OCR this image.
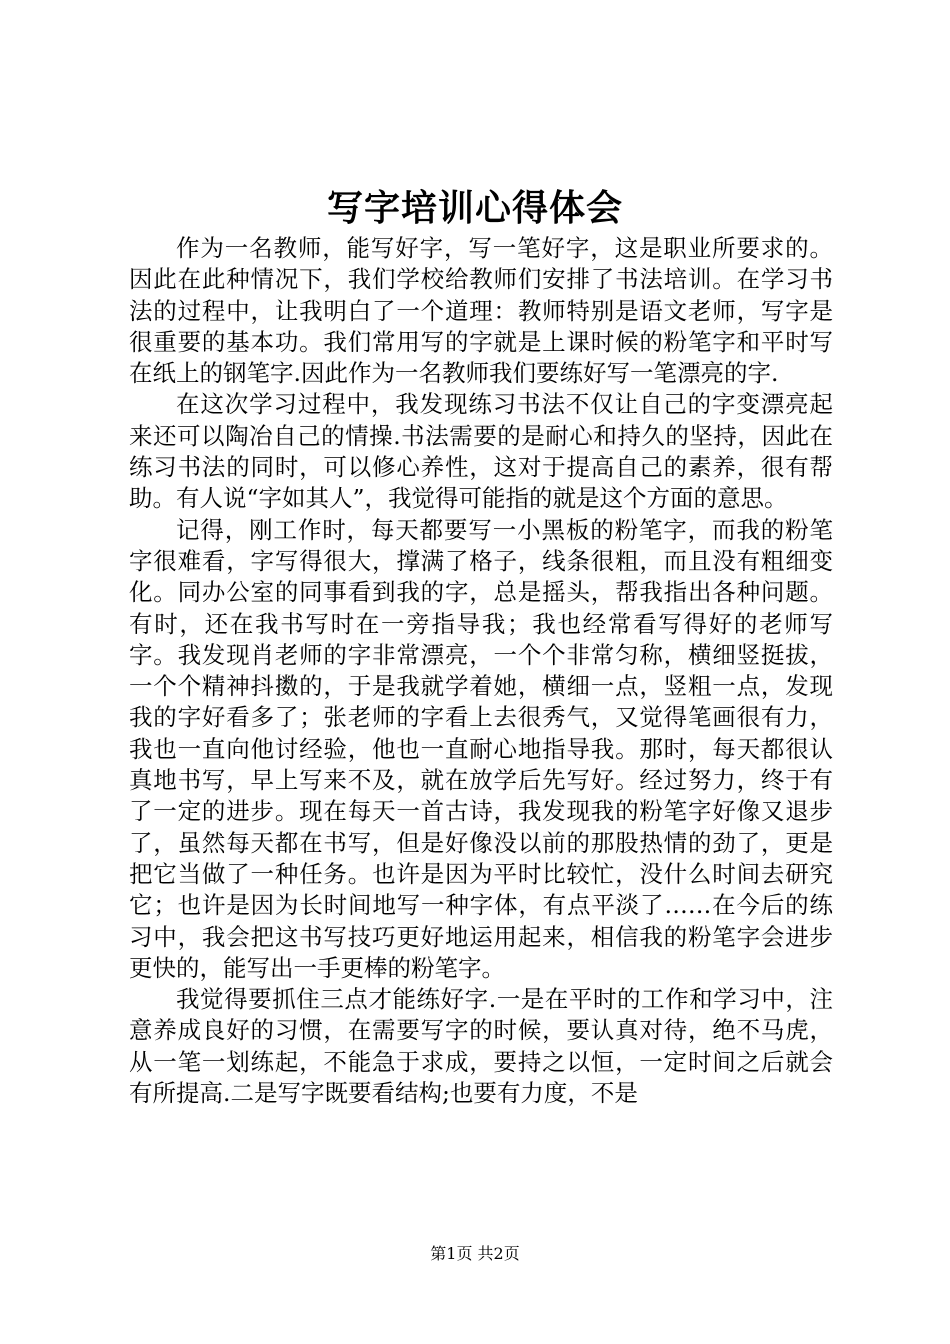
写字培训心得体会

作为一名教师，能写好字，写一笔好字，这是职业所要求的。因此在此种情况下，我们学校给教师们安排了书法培训。在学习书法的过程中，让我明白了一个道理：教师特别是语文老师，写字是很重要的基本功。我们常用写的字就是上课时候的粉笔字和平时写在纸上的钢笔字.因此作为一名教师我们要练好写一笔漂亮的字.

在这次学习过程中，我发现练习书法不仅让自己的字变漂亮起来还可以陶冶自己的情操.书法需要的是耐心和持久的坚持，因此在练习书法的同时，可以修心养性，这对于提高自己的素养，很有帮助。有人说“字如其人”，我觉得可能指的就是这个方面的意思。

记得，刚工作时，每天都要写一小黑板的粉笔字，而我的粉笔字很难看，字写得很大，撑满了格子，线条很粗，而且没有粗细变化。同办公室的同事看到我的字，总是摇头，帮我指出各种问题。有时，还在我书写时在一旁指导我；我也经常看写得好的老师写字。我发现肖老师的字非常漂亮，一个个非常匀称，横细竖挺拔，一个个精神抖擞的，于是我就学着她，横细一点，竖粗一点，发现我的字好看多了；张老师的字看上去很秀气，又觉得笔画很有力，我也一直向他讨经验，他也一直耐心地指导我。那时，每天都很认真地书写，早上写来不及，就在放学后先写好。经过努力，终于有了一定的进步。现在每天一首古诗，我发现我的粉笔字好像又退步了，虽然每天都在书写，但是好像没以前的那股热情的劲了，更是把它当做了一种任务。也许是因为平时比较忙，没什么时间去研究它；也许是因为长时间地写一种字体，有点平淡了……在今后的练习中，我会把这书写技巧更好地运用起来，相信我的粉笔字会进步更快的，能写出一手更棒的粉笔字。

我觉得要抓住三点才能练好字.一是在平时的工作和学习中，注意养成良好的习惯，在需要写字的时候，要认真对待，绝不马虎，从一笔一划练起，不能急于求成，要持之以恒，一定时间之后就会有所提高.二是写字既要看结构;也要有力度，不是

第1页 共2页
